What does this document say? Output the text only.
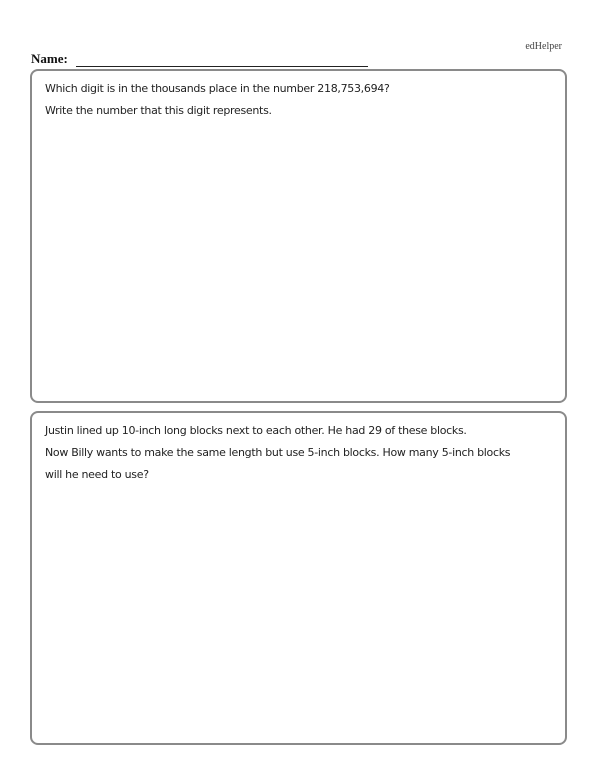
edHelper
Name:
Which digit is in the thousands place in the number 218,753,694?
Write the number that this digit represents.
Justin lined up 10-inch long blocks next to each other. He had 29 of these blocks.
Now Billy wants to make the same length but use 5-inch blocks. How many 5-inch blocks
will he need to use?
